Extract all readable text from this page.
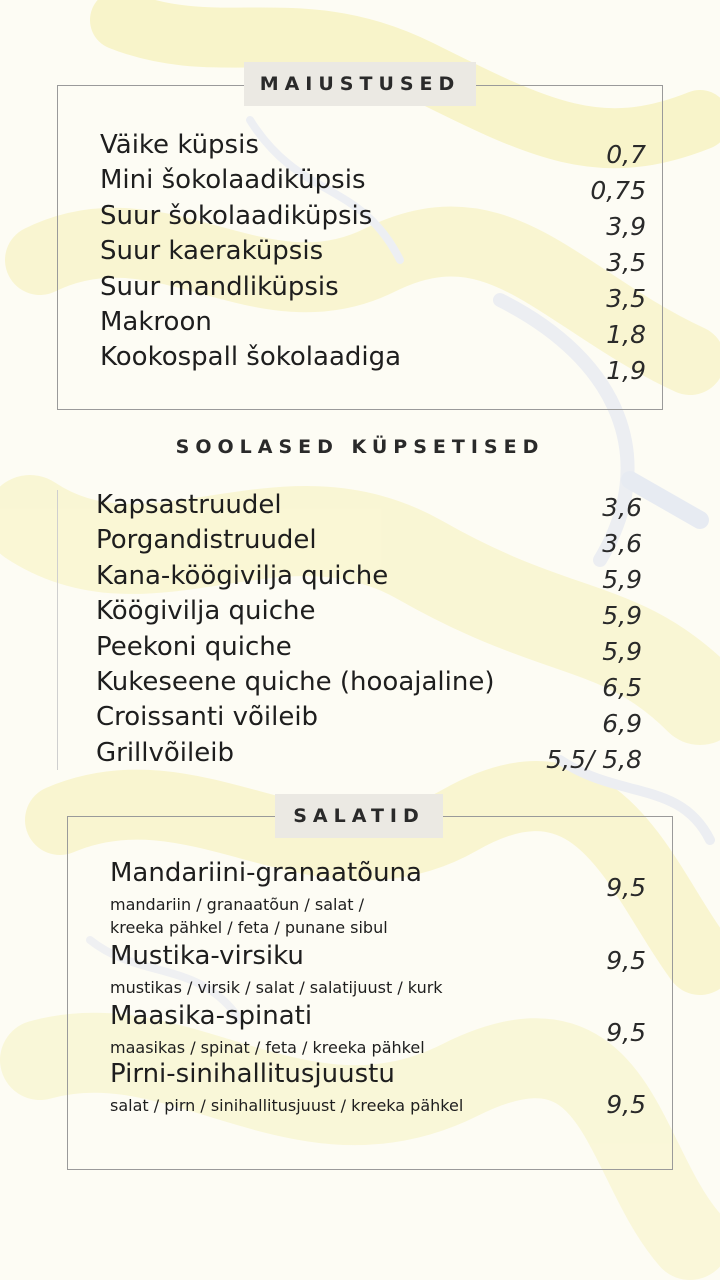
MAIUSTUSED
SOOLASED KÜPSETISED
SALATID
Väike küpsis	0,7
Mini šokolaadiküpsis	0,75
Suur šokolaadiküpsis	3,9
Suur kaeraküpsis	3,5
Suur mandliküpsis	3,5
Makroon	1,8
Kookospall šokolaadiga	1,9
Kapsastruudel	3,6
Porgandistruudel	3,6
Kana-köögivilja quiche	5,9
Köögivilja quiche	5,9
Peekoni quiche	5,9
Kukeseene quiche (hooajaline)	6,5
Croissanti võileib	6,9
Grillvõileib	5,5/ 5,8
Mandariini-granaatõuna
mandariin / granaatõun / salat /
kreeka pähkel / feta / punane sibul
9,5
Mustika-virsiku
mustikas / virsik / salat / salatijuust / kurk
9,5
Maasika-spinati
maasikas / spinat / feta / kreeka pähkel
9,5
Pirni-sinihallitusjuustu
salat / pirn / sinihallitusjuust / kreeka pähkel	9,5
